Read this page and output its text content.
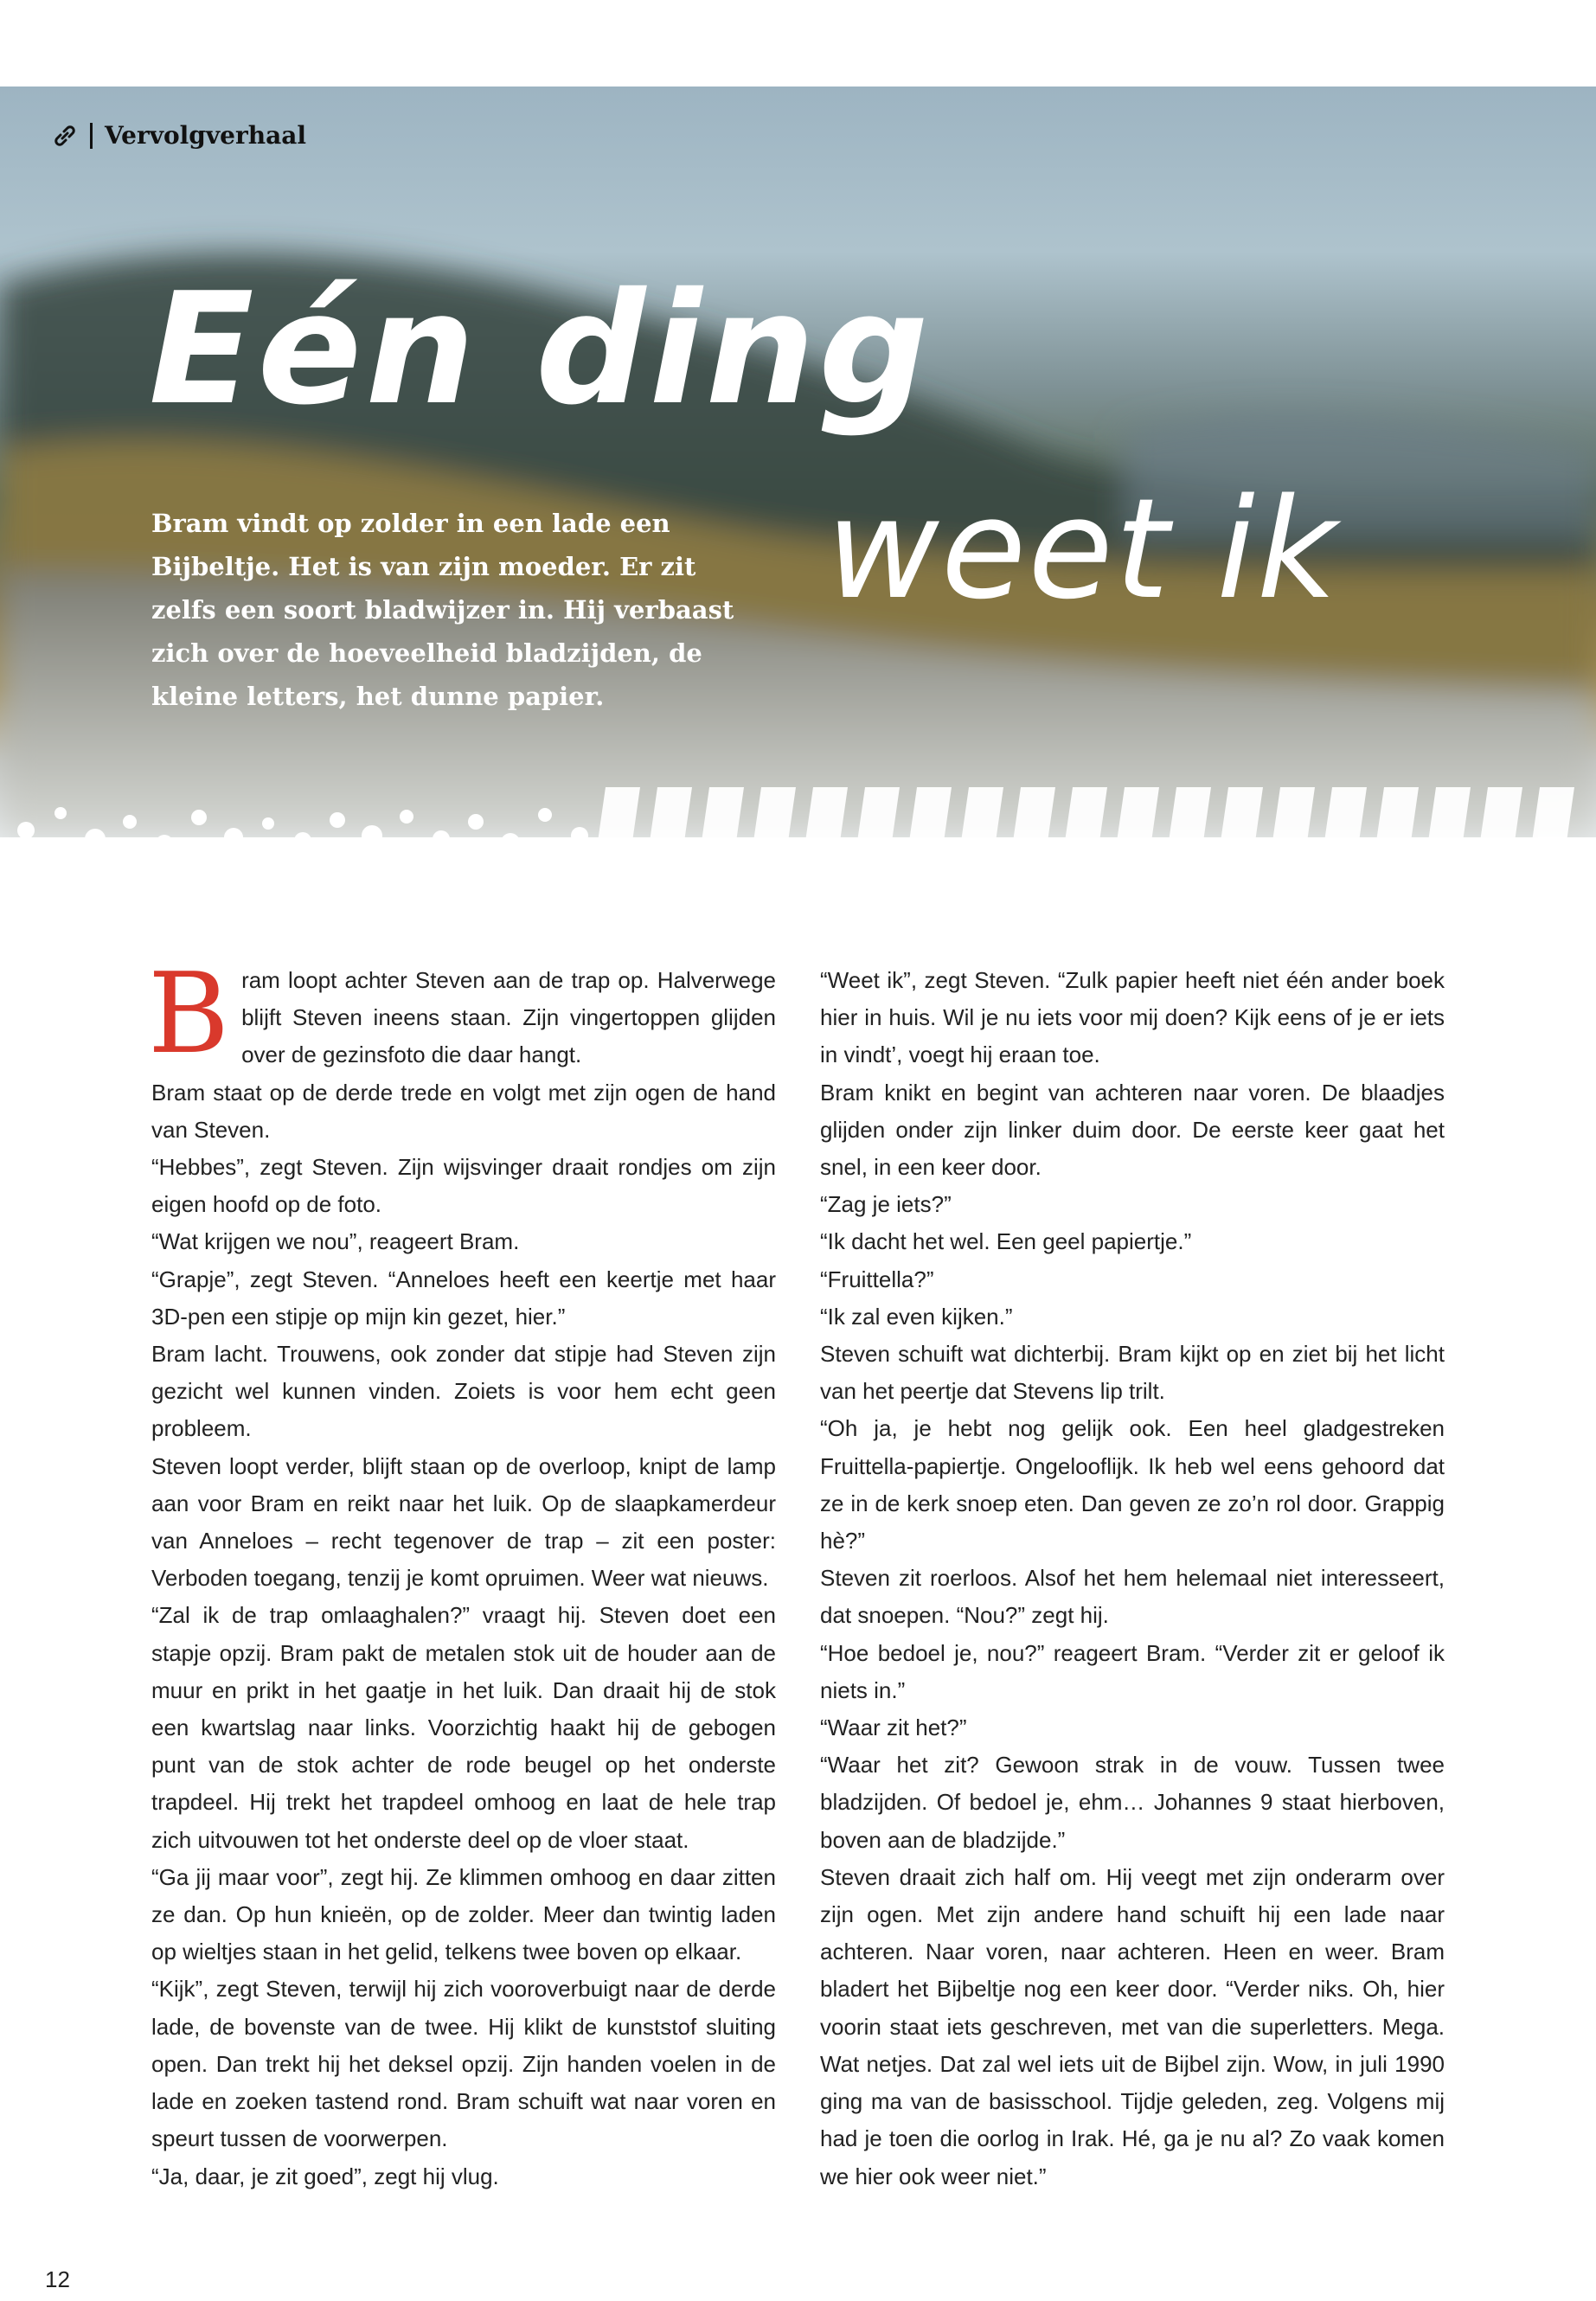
Vervolgverhaal
Eén ding
weet ik

Bram vindt op zolder in een lade een Bijbeltje. Het is van zijn moeder. Er zit zelfs een soort bladwijzer in. Hij verbaast zich over de hoeveelheid bladzijden, de kleine letters, het dunne papier.

B ram loopt achter Steven aan de trap op. Halverwege blijft Steven ineens staan. Zijn vingertoppen glijden over de gezinsfoto die daar hangt.

Bram staat op de derde trede en volgt met zijn ogen de hand van Steven.

“Hebbes”, zegt Steven. Zijn wijsvinger draait rondjes om zijn eigen hoofd op de foto.

“Wat krijgen we nou”, reageert Bram.

“Grapje”, zegt Steven. “Anneloes heeft een keertje met haar 3D-pen een stipje op mijn kin gezet, hier.”

Bram lacht. Trouwens, ook zonder dat stipje had Steven zijn gezicht wel kunnen vinden. Zoiets is voor hem echt geen probleem.

Steven loopt verder, blijft staan op de overloop, knipt de lamp aan voor Bram en reikt naar het luik. Op de slaapkamerdeur van Anneloes – recht tegenover de trap – zit een poster: Verboden toegang, tenzij je komt opruimen. Weer wat nieuws.

“Zal ik de trap omlaaghalen?” vraagt hij. Steven doet een stapje opzij. Bram pakt de metalen stok uit de houder aan de muur en prikt in het gaatje in het luik. Dan draait hij de stok een kwartslag naar links. Voorzichtig haakt hij de gebogen punt van de stok achter de rode beugel op het onderste trapdeel. Hij trekt het trapdeel omhoog en laat de hele trap zich uitvouwen tot het onderste deel op de vloer staat.

“Ga jij maar voor”, zegt hij. Ze klimmen omhoog en daar zitten ze dan. Op hun knieën, op de zolder. Meer dan twintig laden op wieltjes staan in het gelid, telkens twee boven op elkaar.

“Kijk”, zegt Steven, terwijl hij zich vooroverbuigt naar de derde lade, de bovenste van de twee. Hij klikt de kunststof sluiting open. Dan trekt hij het deksel opzij. Zijn handen voelen in de lade en zoeken tastend rond. Bram schuift wat naar voren en speurt tussen de voorwerpen.

“Ja, daar, je zit goed”, zegt hij vlug.

“Weet ik”, zegt Steven. “Zulk papier heeft niet één ander boek hier in huis. Wil je nu iets voor mij doen? Kijk eens of je er iets in vindt’, voegt hij eraan toe.

Bram knikt en begint van achteren naar voren. De blaadjes glijden onder zijn linker duim door. De eerste keer gaat het snel, in een keer door.

“Zag je iets?”

“Ik dacht het wel. Een geel papiertje.”

“Fruittella?”

“Ik zal even kijken.”

Steven schuift wat dichterbij. Bram kijkt op en ziet bij het licht van het peertje dat Stevens lip trilt.

“Oh ja, je hebt nog gelijk ook. Een heel gladgestreken Fruittella-papiertje. Ongelooflijk. Ik heb wel eens gehoord dat ze in de kerk snoep eten. Dan geven ze zo’n rol door. Grappig hè?”

Steven zit roerloos. Alsof het hem helemaal niet interesseert, dat snoepen. “Nou?” zegt hij.

“Hoe bedoel je, nou?” reageert Bram. “Verder zit er geloof ik niets in.”

“Waar zit het?”

“Waar het zit? Gewoon strak in de vouw. Tussen twee bladzijden. Of bedoel je, ehm… Johannes 9 staat hierboven, boven aan de bladzijde.”

Steven draait zich half om. Hij veegt met zijn onderarm over zijn ogen. Met zijn andere hand schuift hij een lade naar achteren. Naar voren, naar achteren. Heen en weer. Bram bladert het Bijbeltje nog een keer door. “Verder niks. Oh, hier voorin staat iets geschreven, met van die superletters. Mega. Wat netjes. Dat zal wel iets uit de Bijbel zijn. Wow, in juli 1990 ging ma van de basisschool. Tijdje geleden, zeg. Volgens mij had je toen die oorlog in Irak. Hé, ga je nu al? Zo vaak komen we hier ook weer niet.”

12
